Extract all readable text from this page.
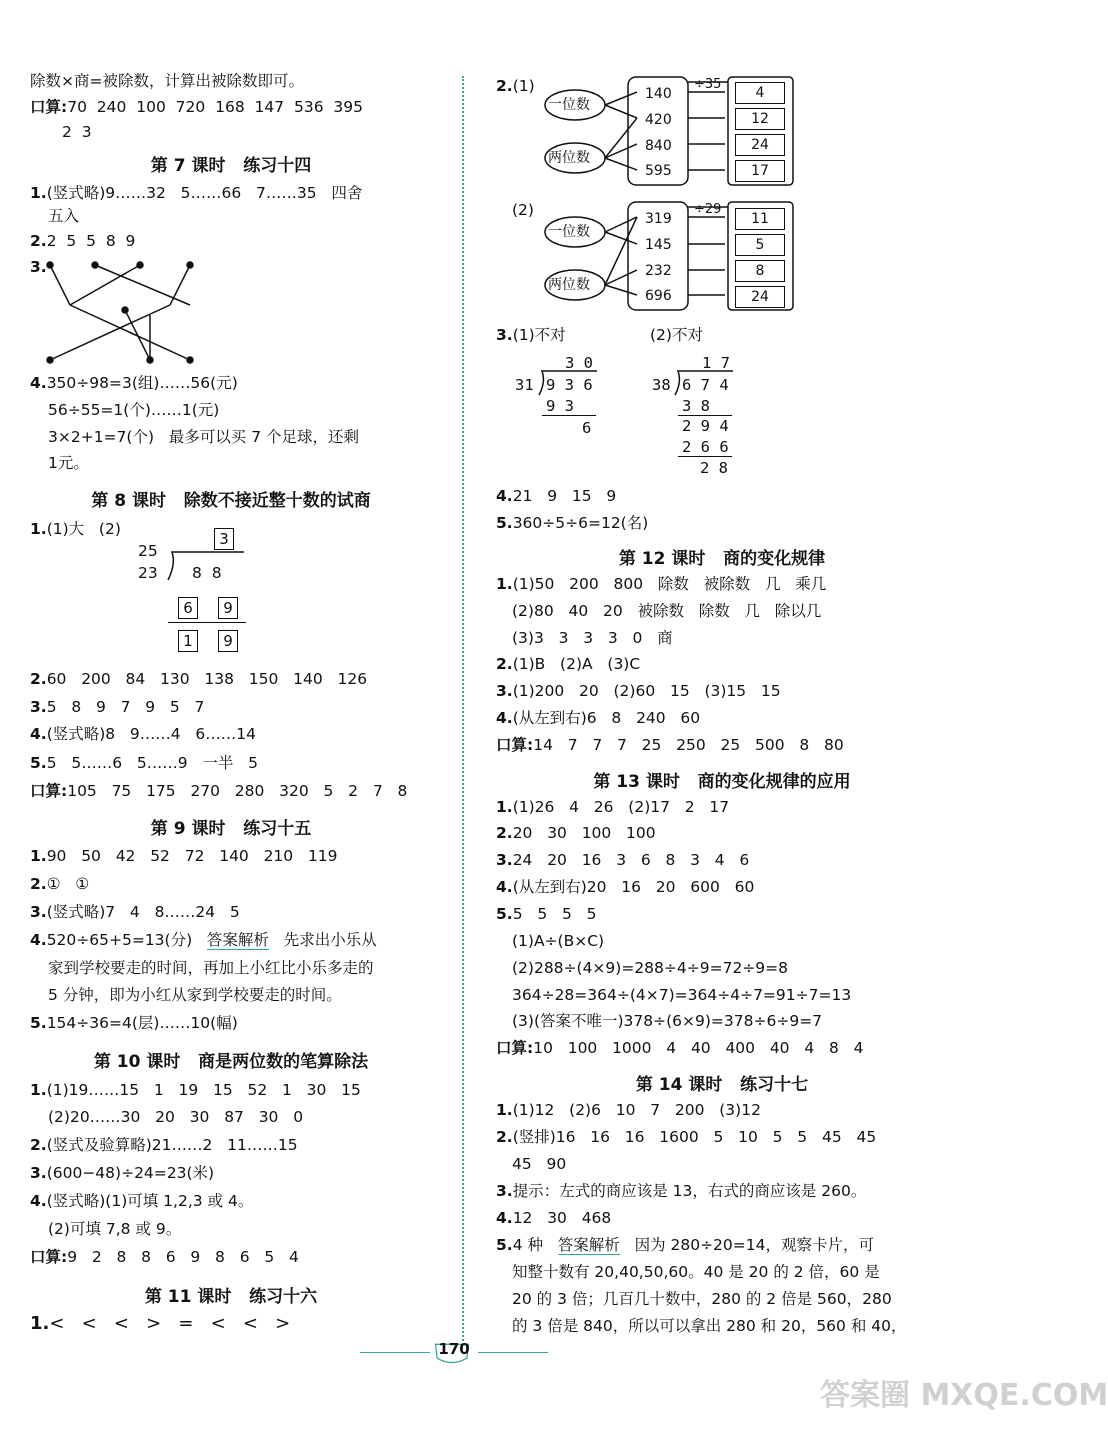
除数×商=被除数，计算出被除数即可。
口算:70  240  100  720  168  147  536  395
2  3
第 7 课时   练习十四
1.(竖式略)9……32   5……66   7……35   四舍
五入
2.2  5  5  8  9
3.
4.350÷98=3(组)……56(元)
56÷55=1(个)……1(元)
3×2+1=7(个)   最多可以买 7 个足球，还剩
1元。
第 8 课时   除数不接近整十数的试商
1.(1)大   (2)
25
23
3
8  8
6	9
1	9
2.60   200   84   130   138   150   140   126
3.5   8   9   7   9   5   7
4.(竖式略)8   9……4   6……14
5.5   5……6   5……9   一半   5
口算:105   75   175   270   280   320   5   2   7   8
第 9 课时   练习十五
1.90   50   42   52   72   140   210   119
2.①   ①
3.(竖式略)7   4   8……24   5
4.520÷65+5=13(分) 答案解析 先求出小乐从
家到学校要走的时间，再加上小红比小乐多走的
5 分钟，即为小红从家到学校要走的时间。
5.154÷36=4(层)……10(幅)
第 10 课时   商是两位数的笔算除法
1.(1)19……15   1   19   15   52   1   30   15
(2)20……30   20   30   87   30   0
2.(竖式及验算略)21……2   11……15
3.(600−48)÷24=23(米)
4.(竖式略)(1)可填 1,2,3 或 4。
(2)可填 7,8 或 9。
口算:9   2   8   8   6   9   8   6   5   4
第 11 课时   练习十六
1.<   <   <   >   =   <   <   >
2.(1)
一位数
两位数
÷35
140
420
840
595
4
12
24
17
(2)
一位数
两位数
÷29
319
145
232
696
11
5
8
24
3.(1)不对	(2)不对
3 0
31 9 3 6
9 3
6
1 7
38 6 7 4
3 8
2 9 4
2 6 6
2 8
4.21   9   15   9
5.360÷5÷6=12(名)
第 12 课时   商的变化规律
1.(1)50   200   800   除数   被除数   几   乘几
(2)80   40   20   被除数   除数   几   除以几
(3)3   3   3   3   0   商
2.(1)B   (2)A   (3)C
3.(1)200   20   (2)60   15   (3)15   15
4.(从左到右)6   8   240   60
口算:14   7   7   7   25   250   25   500   8   80
第 13 课时   商的变化规律的应用
1.(1)26   4   26   (2)17   2   17
2.20   30   100   100
3.24   20   16   3   6   8   3   4   6
4.(从左到右)20   16   20   600   60
5.5   5   5   5
(1)A÷(B×C)
(2)288÷(4×9)=288÷4÷9=72÷9=8
364÷28=364÷(4×7)=364÷4÷7=91÷7=13
(3)(答案不唯一)378÷(6×9)=378÷6÷9=7
口算:10   100   1000   4   40   400   40   4   8   4
第 14 课时   练习十七
1.(1)12   (2)6   10   7   200   (3)12
2.(竖排)16   16   16   1600   5   10   5   5   45   45
45   90
3.提示：左式的商应该是 13，右式的商应该是 260。
4.12   30   468
5.4 种 答案解析 因为 280÷20=14，观察卡片，可
知整十数有 20,40,50,60。40 是 20 的 2 倍，60 是
20 的 3 倍；几百几十数中，280 的 2 倍是 560，280
的 3 倍是 840，所以可以拿出 280 和 20，560 和 40，
170
答案圈 MXQE.COM
